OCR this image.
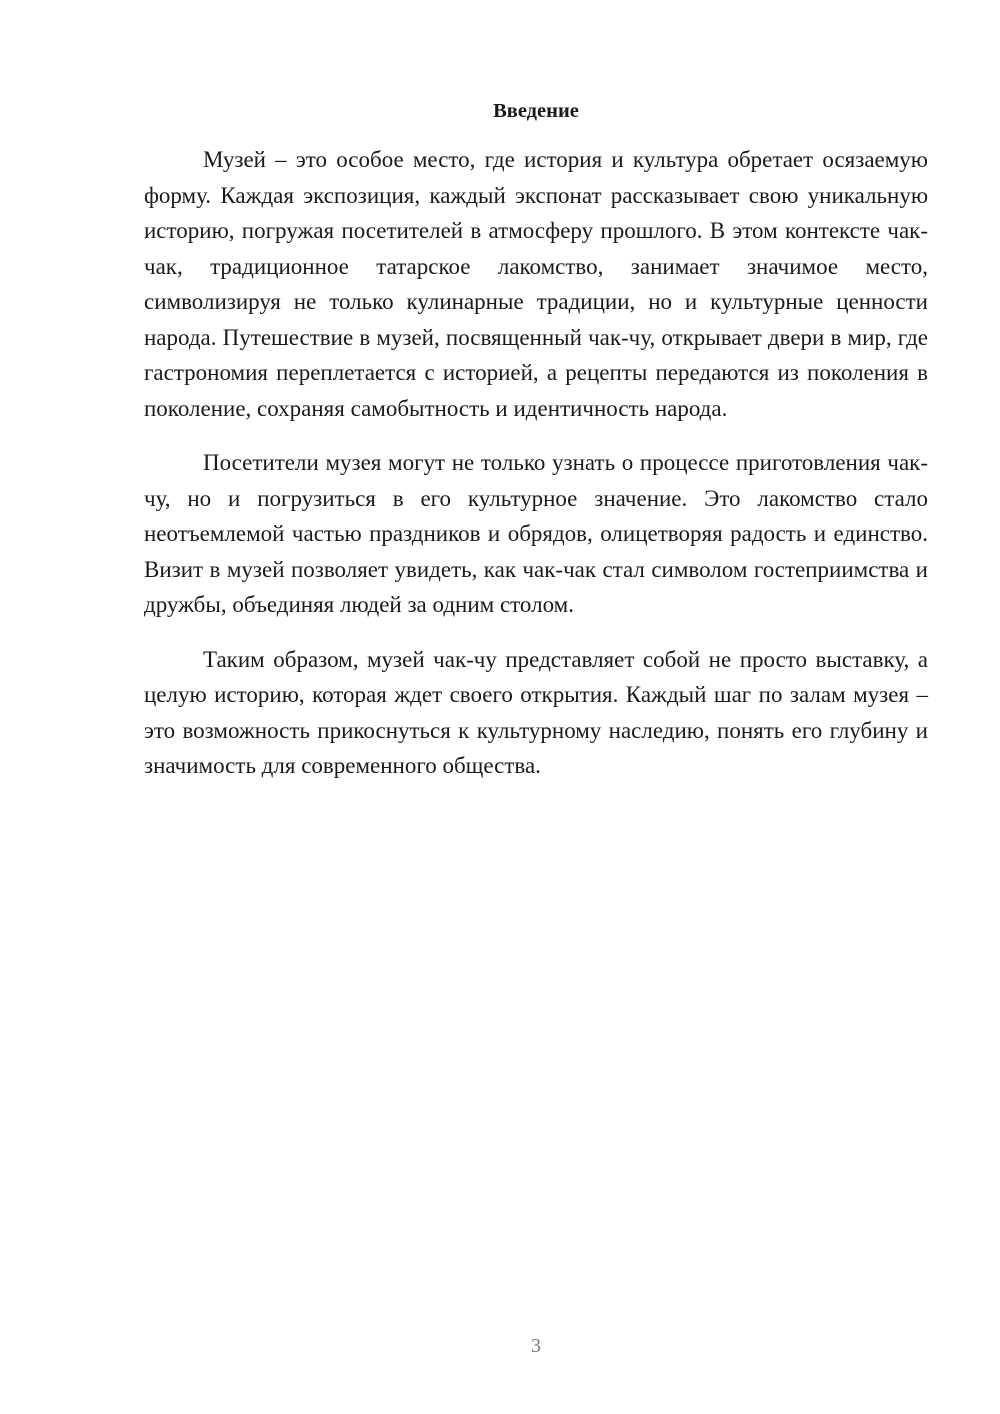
Введение

Музей – это особое место, где история и культура обретает осязаемую форму. Каждая экспозиция, каждый экспонат рассказывает свою уникальную историю, погружая посетителей в атмосферу прошлого. В этом контексте чак-чак, традиционное татарское лакомство, занимает значимое место, символизируя не только кулинарные традиции, но и культурные ценности народа. Путешествие в музей, посвященный чак-чу, открывает двери в мир, где гастрономия переплетается с историей, а рецепты передаются из поколения в поколение, сохраняя самобытность и идентичность народа.

Посетители музея могут не только узнать о процессе приготовления чак-чу, но и погрузиться в его культурное значение. Это лакомство стало неотъемлемой частью праздников и обрядов, олицетворяя радость и единство. Визит в музей позволяет увидеть, как чак-чак стал символом гостеприимства и дружбы, объединяя людей за одним столом.

Таким образом, музей чак-чу представляет собой не просто выставку, а целую историю, которая ждет своего открытия. Каждый шаг по залам музея – это возможность прикоснуться к культурному наследию, понять его глубину и значимость для современного общества.

3
